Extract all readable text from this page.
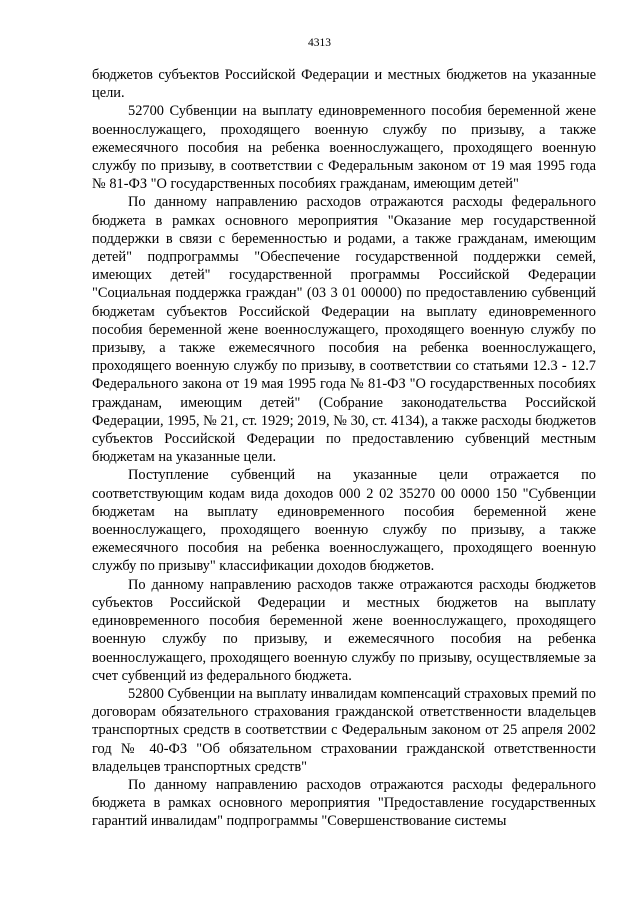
4313

бюджетов субъектов Российской Федерации и местных бюджетов на указанные цели.

52700 Субвенции на выплату единовременного пособия беременной жене военнослужащего, проходящего военную службу по призыву, а также ежемесячного пособия на ребенка военнослужащего, проходящего военную службу по призыву, в соответствии с Федеральным законом от 19 мая 1995 года № 81-ФЗ "О государственных пособиях гражданам, имеющим детей"

По данному направлению расходов отражаются расходы федерального бюджета в рамках основного мероприятия "Оказание мер государственной поддержки в связи с беременностью и родами, а также гражданам, имеющим детей" подпрограммы "Обеспечение государственной поддержки семей, имеющих детей" государственной программы Российской Федерации "Социальная поддержка граждан" (03 3 01 00000) по предоставлению субвенций бюджетам субъектов Российской Федерации на выплату единовременного пособия беременной жене военнослужащего, проходящего военную службу по призыву, а также ежемесячного пособия на ребенка военнослужащего, проходящего военную службу по призыву, в соответствии со статьями 12.3 - 12.7 Федерального закона от 19 мая 1995 года № 81-ФЗ "О государственных пособиях гражданам, имеющим детей" (Собрание законодательства Российской Федерации, 1995, № 21, ст. 1929; 2019, № 30, ст. 4134), а также расходы бюджетов субъектов Российской Федерации по предоставлению субвенций местным бюджетам на указанные цели.

Поступление субвенций на указанные цели отражается по соответствующим кодам вида доходов 000 2 02 35270 00 0000 150 "Субвенции бюджетам на выплату единовременного пособия беременной жене военнослужащего, проходящего военную службу по призыву, а также ежемесячного пособия на ребенка военнослужащего, проходящего военную службу по призыву" классификации доходов бюджетов.

По данному направлению расходов также отражаются расходы бюджетов субъектов Российской Федерации и местных бюджетов на выплату единовременного пособия беременной жене военнослужащего, проходящего военную службу по призыву, и ежемесячного пособия на ребенка военнослужащего, проходящего военную службу по призыву, осуществляемые за счет субвенций из федерального бюджета.

52800 Субвенции на выплату инвалидам компенсаций страховых премий по договорам обязательного страхования гражданской ответственности владельцев транспортных средств в соответствии с Федеральным законом от 25 апреля 2002 год № 40-ФЗ "Об обязательном страховании гражданской ответственности владельцев транспортных средств"

По данному направлению расходов отражаются расходы федерального бюджета в рамках основного мероприятия "Предоставление государственных гарантий инвалидам" подпрограммы "Совершенствование системы
